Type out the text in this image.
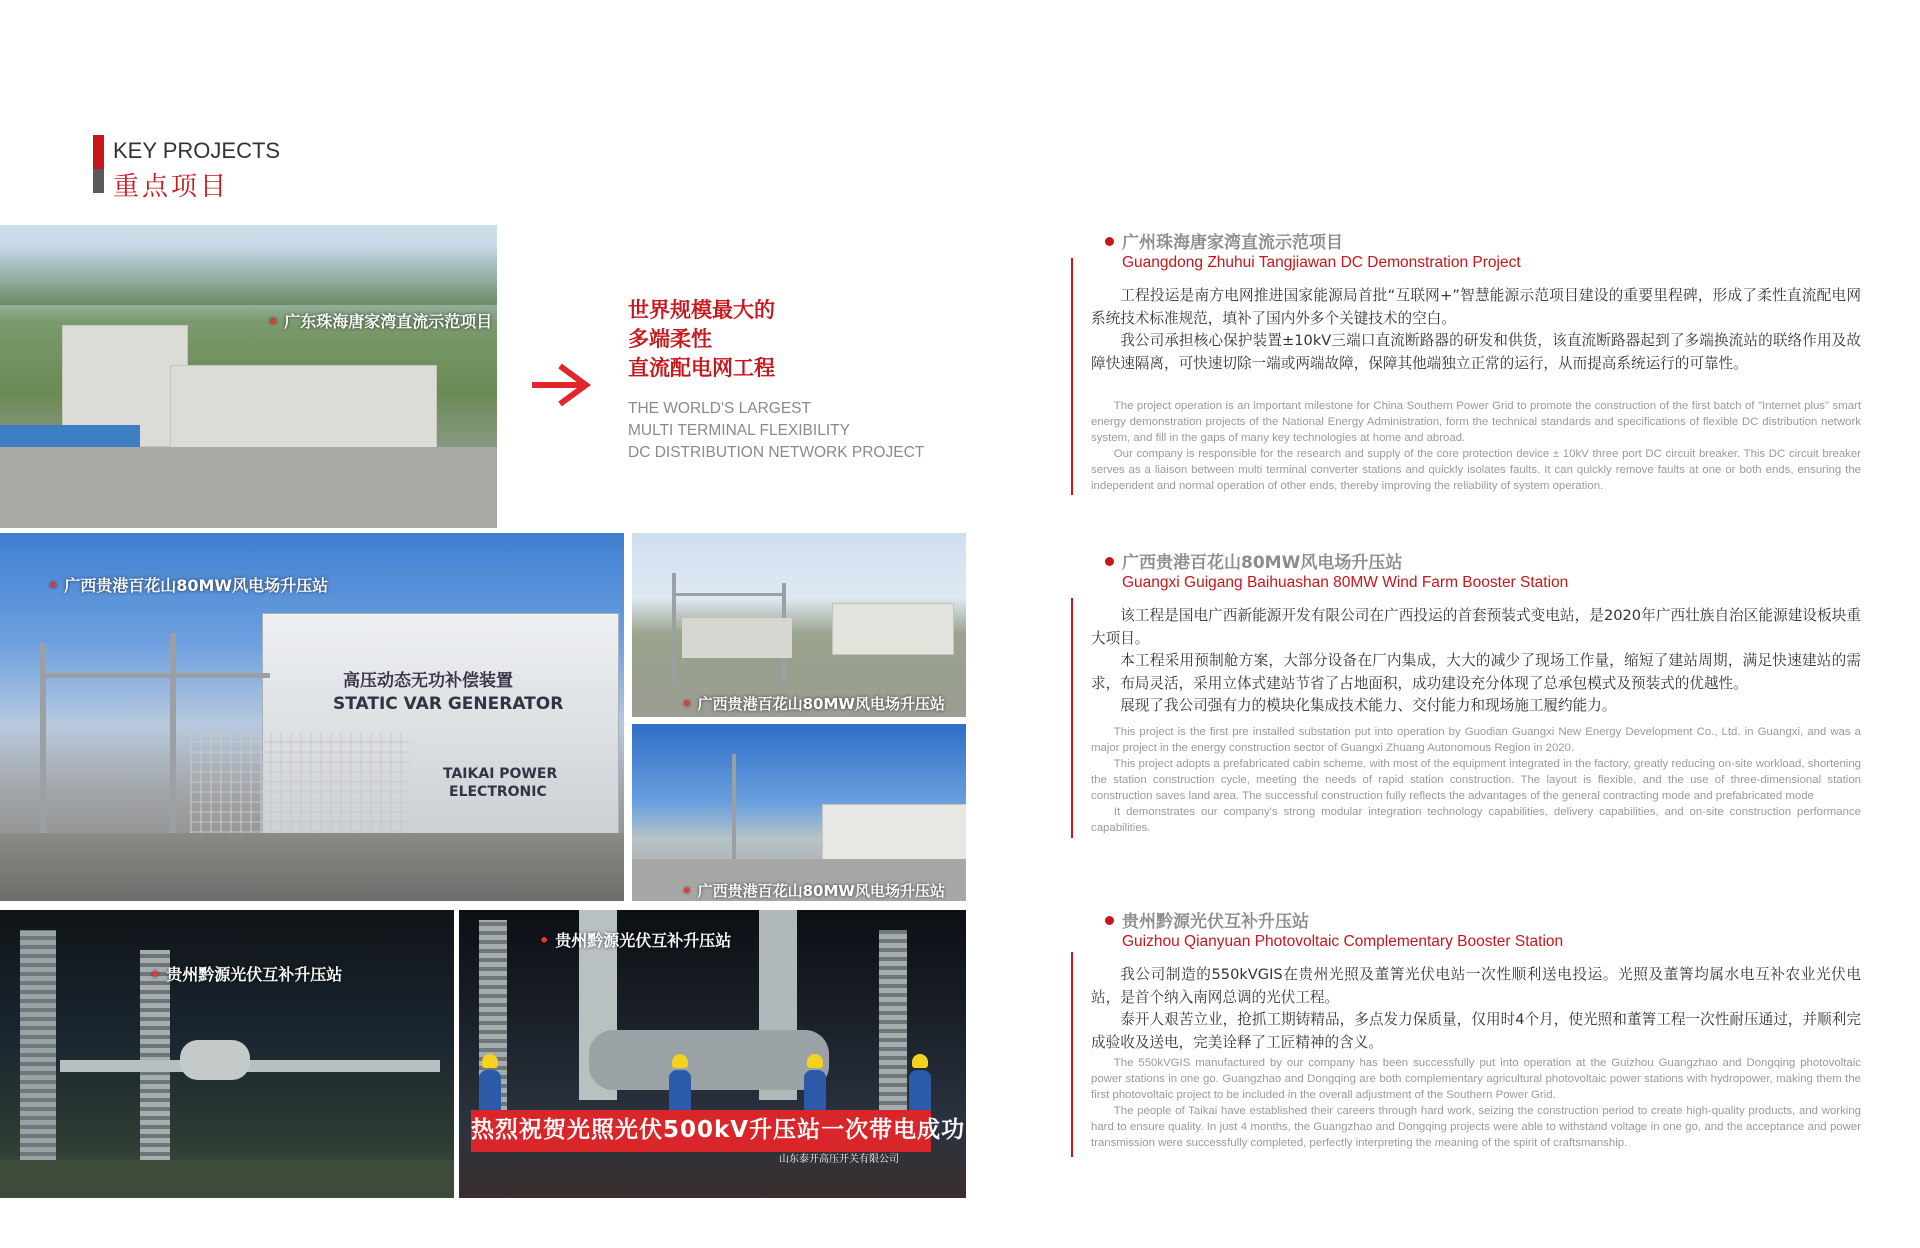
KEY PROJECTS
重点项目
• 广东珠海唐家湾直流示范项目
高压动态无功补偿装置
STATIC VAR GENERATOR
TAIKAI POWER
ELECTRONIC
• 广西贵港百花山80MW风电场升压站
• 广西贵港百花山80MW风电场升压站
• 广西贵港百花山80MW风电场升压站
• 贵州黔源光伏互补升压站
热烈祝贺光照光伏500kV升压站一次带电成功
山东泰开高压开关有限公司
• 贵州黔源光伏互补升压站
世界规模最大的
多端柔性
直流配电网工程
THE WORLD'S LARGEST
MULTI TERMINAL FLEXIBILITY
DC DISTRIBUTION NETWORK PROJECT
广州珠海唐家湾直流示范项目
Guangdong Zhuhui Tangjiawan DC Demonstration Project

工程投运是南方电网推进国家能源局首批“互联网+”智慧能源示范项目建设的重要里程碑，形成了柔性直流配电网系统技术标准规范，填补了国内外多个关键技术的空白。

我公司承担核心保护装置±10kV三端口直流断路器的研发和供货，该直流断路器起到了多端换流站的联络作用及故障快速隔离，可快速切除一端或两端故障，保障其他端独立正常的运行，从而提高系统运行的可靠性。

The project operation is an important milestone for China Southern Power Grid to promote the construction of the first batch of "Internet plus" smart energy demonstration projects of the National Energy Administration, form the technical standards and specifications of flexible DC distribution network system, and fill in the gaps of many key technologies at home and abroad.

Our company is responsible for the research and supply of the core protection device ± 10kV three port DC circuit breaker. This DC circuit breaker serves as a liaison between multi terminal converter stations and quickly isolates faults. It can quickly remove faults at one or both ends, ensuring the independent and normal operation of other ends, thereby improving the reliability of system operation.

广西贵港百花山80MW风电场升压站
Guangxi Guigang Baihuashan 80MW Wind Farm Booster Station

该工程是国电广西新能源开发有限公司在广西投运的首套预装式变电站，是2020年广西壮族自治区能源建设板块重大项目。

本工程采用预制舱方案，大部分设备在厂内集成，大大的减少了现场工作量，缩短了建站周期，满足快速建站的需求，布局灵活，采用立体式建站节省了占地面积，成功建设充分体现了总承包模式及预装式的优越性。

展现了我公司强有力的模块化集成技术能力、交付能力和现场施工履约能力。

This project is the first pre installed substation put into operation by Guodian Guangxi New Energy Development Co., Ltd. in Guangxi, and was a major project in the energy construction sector of Guangxi Zhuang Autonomous Region in 2020.

This project adopts a prefabricated cabin scheme, with most of the equipment integrated in the factory, greatly reducing on-site workload, shortening the station construction cycle, meeting the needs of rapid station construction. The layout is flexible, and the use of three-dimensional station construction saves land area. The successful construction fully reflects the advantages of the general contracting mode and prefabricated mode

It demonstrates our company's strong modular integration technology capabilities, delivery capabilities, and on-site construction performance capabilities.

贵州黔源光伏互补升压站
Guizhou Qianyuan Photovoltaic Complementary Booster Station

我公司制造的550kVGIS在贵州光照及董箐光伏电站一次性顺利送电投运。光照及董箐均属水电互补农业光伏电站，是首个纳入南网总调的光伏工程。

泰开人艰苦立业，抢抓工期铸精品，多点发力保质量，仅用时4个月，使光照和董箐工程一次性耐压通过，并顺利完成验收及送电，完美诠释了工匠精神的含义。

The 550kVGIS manufactured by our company has been successfully put into operation at the Guizhou Guangzhao and Dongqing photovoltaic power stations in one go. Guangzhao and Dongqing are both complementary agricultural photovoltaic power stations with hydropower, making them the first photovoltaic project to be included in the overall adjustment of the Southern Power Grid.

The people of Taikai have established their careers through hard work, seizing the construction period to create high-quality products, and working hard to ensure quality. In just 4 months, the Guangzhao and Dongqing projects were able to withstand voltage in one go, and the acceptance and power transmission were successfully completed, perfectly interpreting the meaning of the spirit of craftsmanship.
